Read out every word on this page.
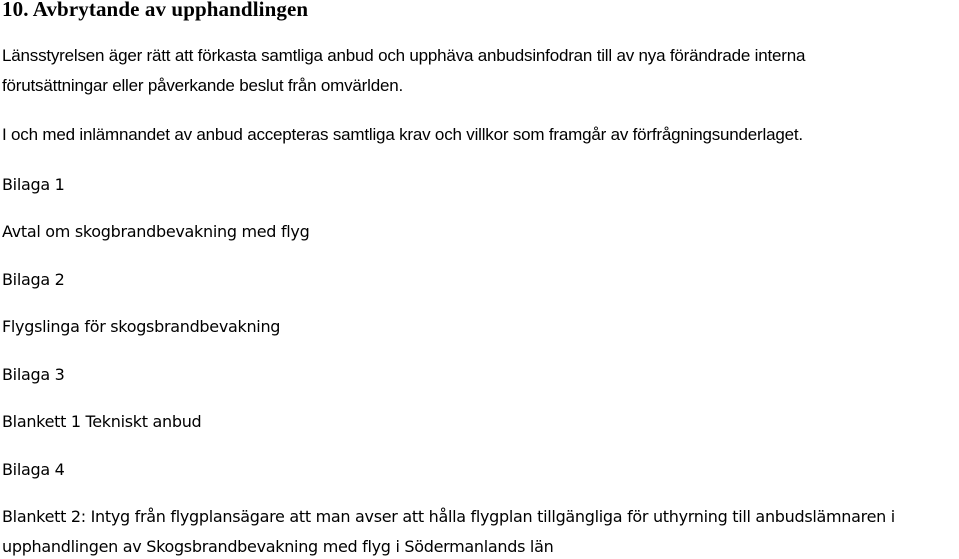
10. Avbrytande av upphandlingen

Länsstyrelsen äger rätt att förkasta samtliga anbud och upphäva anbudsinfodran till av nya förändrade interna

förutsättningar eller påverkande beslut från omvärlden.

I och med inlämnandet av anbud accepteras samtliga krav och villkor som framgår av förfrågningsunderlaget.

Bilaga 1

Avtal om skogbrandbevakning med flyg

Bilaga 2

Flygslinga för skogsbrandbevakning

Bilaga 3

Blankett 1 Tekniskt anbud

Bilaga 4

Blankett 2: Intyg från flygplansägare att man avser att hålla flygplan tillgängliga för uthyrning till anbudslämnaren i

upphandlingen av Skogsbrandbevakning med flyg i Södermanlands län
